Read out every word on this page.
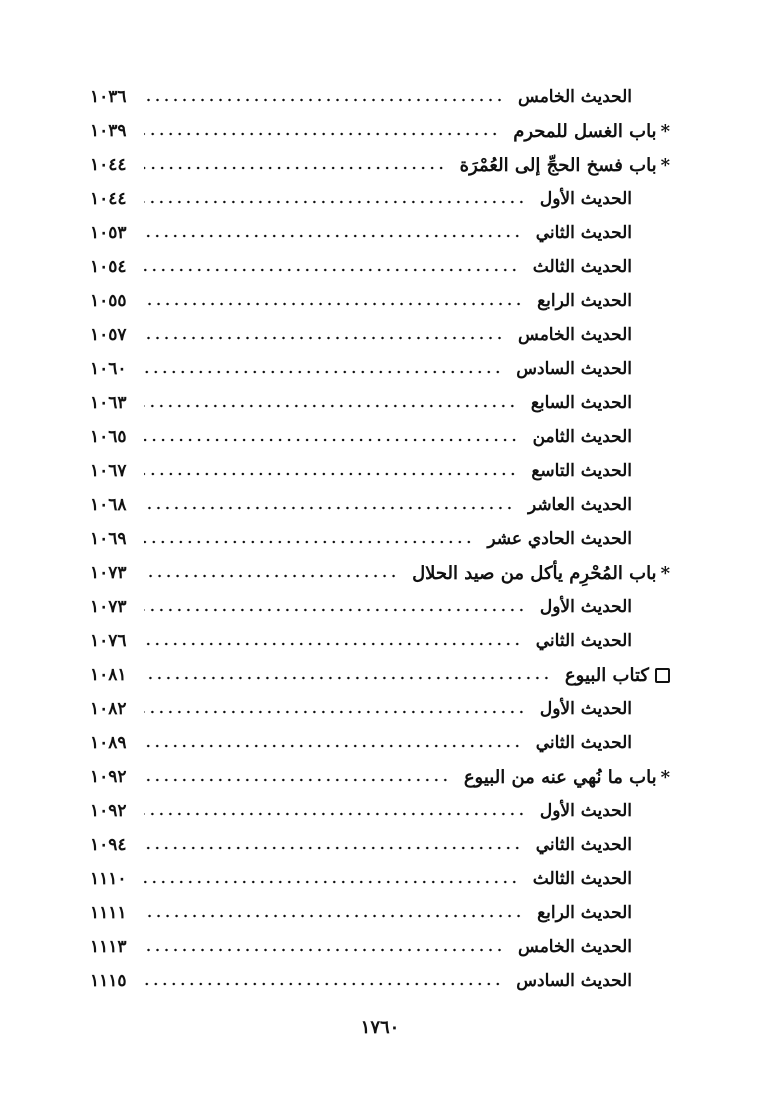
الحديث الخامس
١٠٣٦
*باب الغسل للمحرم
١٠٣٩
*باب فسخ الحجِّ إلى العُمْرَة
١٠٤٤
الحديث الأول
١٠٤٤
الحديث الثاني
١٠٥٣
الحديث الثالث
١٠٥٤
الحديث الرابع
١٠٥٥
الحديث الخامس
١٠٥٧
الحديث السادس
١٠٦٠
الحديث السابع
١٠٦٣
الحديث الثامن
١٠٦٥
الحديث التاسع
١٠٦٧
الحديث العاشر
١٠٦٨
الحديث الحادي عشر
١٠٦٩
*باب المُحْرِم يأكل من صيد الحلال
١٠٧٣
الحديث الأول
١٠٧٣
الحديث الثاني
١٠٧٦
كتاب البيوع
١٠٨١
الحديث الأول
١٠٨٢
الحديث الثاني
١٠٨٩
*باب ما نُهي عنه من البيوع
١٠٩٢
الحديث الأول
١٠٩٢
الحديث الثاني
١٠٩٤
الحديث الثالث
١١١٠
الحديث الرابع
١١١١
الحديث الخامس
١١١٣
الحديث السادس
١١١٥
١٧٦٠
